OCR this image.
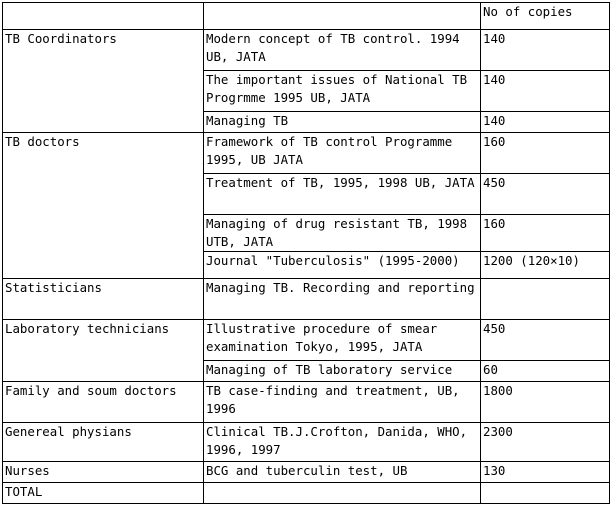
		No of copies
TB Coordinators	Modern concept of TB control. 1994 UB, JATA	140
	The important issues of National TB Progrmme 1995 UB, JATA	140
	Managing TB	140
TB doctors	Framework of TB control Programme 1995, UB JATA	160
	Treatment of TB, 1995, 1998 UB, JATA	450
	Managing of drug resistant TB, 1998 UTB, JATA	160
	Journal "Tuberculosis" (1995-2000)	1200 (120×10)
Statisticians	Managing TB. Recording and reporting	
Laboratory technicians	Illustrative procedure of smear examination Tokyo, 1995, JATA	450
	Managing of TB laboratory service	60
Family and soum doctors	TB case-finding and treatment, UB, 1996	1800
Genereal physians	Clinical TB.J.Crofton, Danida, WHO, 1996, 1997	2300
Nurses	BCG and tuberculin test, UB	130
TOTAL		
